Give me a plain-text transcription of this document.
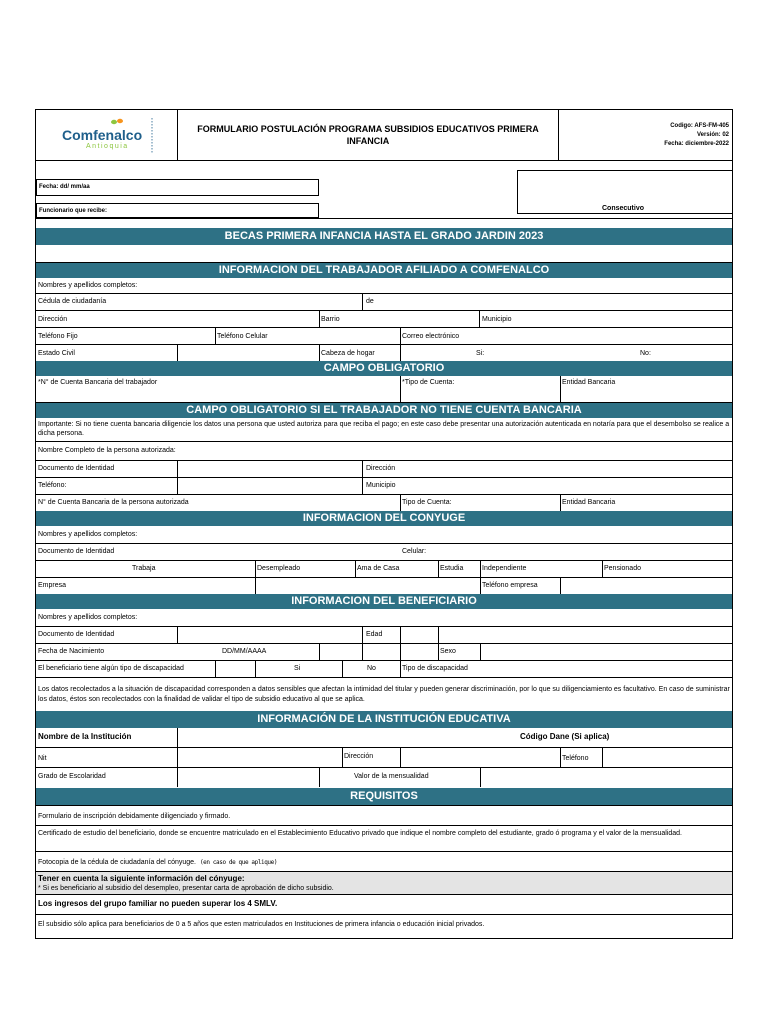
Comfenalco
Antioquia
FORMULARIO POSTULACIÓN PROGRAMA SUBSIDIOS EDUCATIVOS PRIMERA INFANCIA
Codigo: AFS-FM-405
Versión: 02
Fecha: diciembre-2022
Fecha: dd/ mm/aa
Funcionario que recibe:	Consecutivo
BECAS PRIMERA INFANCIA HASTA EL GRADO JARDIN 2023
INFORMACION DEL TRABAJADOR AFILIADO A COMFENALCO
Nombres y apellidos completos:
Cédula de ciudadanía	de
Dirección	Barrio	Municipio
Teléfono Fijo	Teléfono Celular	Correo electrónico
Estado Civil	Cabeza de hogar	Si:	No:
CAMPO OBLIGATORIO
*N° de Cuenta Bancaria del trabajador	*Tipo de Cuenta:	Entidad Bancaria
CAMPO OBLIGATORIO SI EL TRABAJADOR NO TIENE CUENTA BANCARIA
Importante: Si no tiene cuenta bancaria diligencie los datos una persona que usted autoriza para que reciba el pago; en este caso debe presentar una autorización autenticada en notaría para que el desembolso se realice a dicha persona.
Nombre Completo de la persona autorizada:
Documento de Identidad	Dirección
Teléfono:	Municipio
N° de Cuenta Bancaria de la persona autorizada	Tipo de Cuenta:	Entidad Bancaria
INFORMACION DEL CONYUGE
Nombres y apellidos completos:
Documento de Identidad	Celular:
Trabaja	Desempleado	Ama de Casa	Estudia	Independiente	Pensionado
Empresa	Teléfono empresa
INFORMACION DEL BENEFICIARIO
Nombres y apellidos completos:
Documento de Identidad	Edad
Fecha de Nacimiento	DD/MM/AAAA	Sexo
El beneficiario tiene algún tipo de discapacidad	Si	No	Tipo de discapacidad
Los datos recolectados a la situación de discapacidad corresponden a datos sensibles que afectan la intimidad del titular y pueden generar discriminación, por lo que su diligenciamiento es facultativo. En caso de suministrar los datos, éstos son recolectados con la finalidad de validar el tipo de subsidio educativo al que se aplica.
INFORMACIÓN DE LA INSTITUCIÓN EDUCATIVA
Nombre de la Institución	Código Dane (Si aplica)
Nit	Dirección	Teléfono
Grado de Escolaridad	Valor de la mensualidad
REQUISITOS
Formulario de inscripción debidamente diligenciado y firmado.
Certificado de estudio del beneficiario, donde se encuentre matriculado en el Establecimiento Educativo privado que indique el nombre completo del estudiante, grado ó programa y el valor de la mensualidad.
Fotocopia de la cédula de ciudadanía del cónyuge. (en caso de que aplique)
Tener en cuenta la siguiente información del cónyuge:
* Si es beneficiario al subsidio del desempleo, presentar carta de aprobación de dicho subsidio.
Los ingresos del grupo familiar no pueden superar los 4 SMLV.
El subsidio sólo aplica para beneficiarios de 0 a 5 años que esten matriculados en Instituciones de primera infancia o educación inicial privados.
